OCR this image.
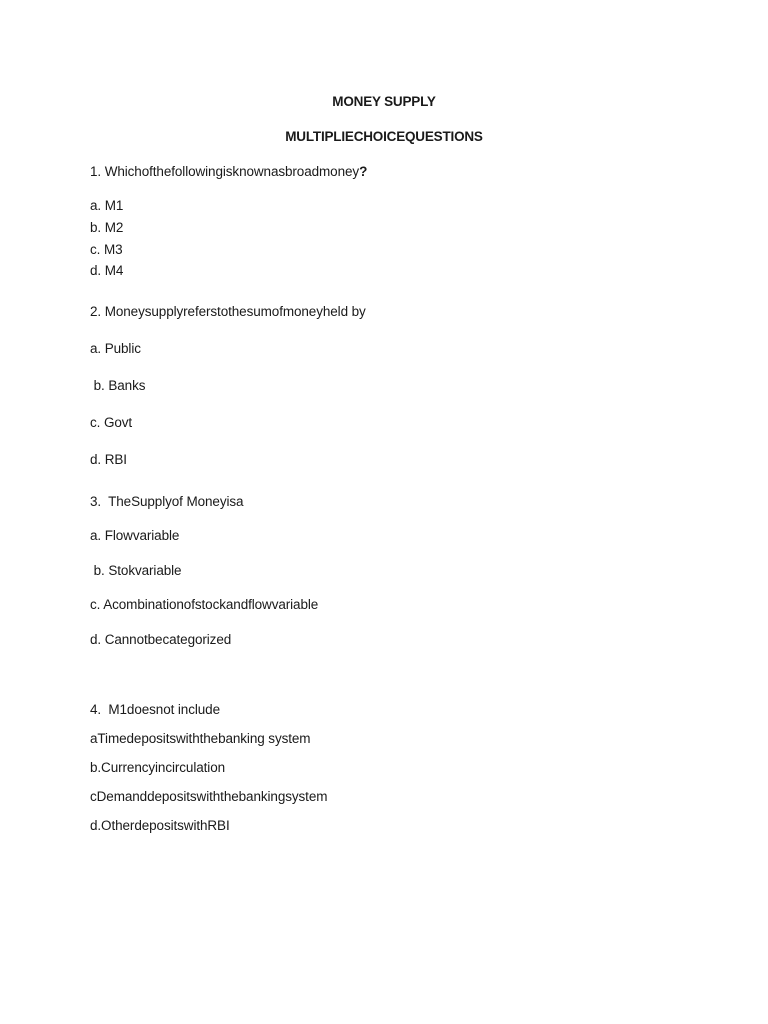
MONEY SUPPLY
MULTIPLIECHOICEQUESTIONS
1. Whichofthefollowingisknownasbroadmoney?
a. M1
b. M2
c. M3
d. M4
2. Moneysupplyreferstothesumofmoneyheld by
a. Public
b. Banks
c. Govt
d. RBI
3.  TheSupplyof Moneyisa
a. Flowvariable
b. Stokvariable
c. Acombinationofstockandflowvariable
d. Cannotbecategorized
4.  M1doesnot include
aTimedepositswiththebanking system
b.Currencyincirculation
cDemanddepositswiththebankingsystem
d.OtherdepositswithRBI
